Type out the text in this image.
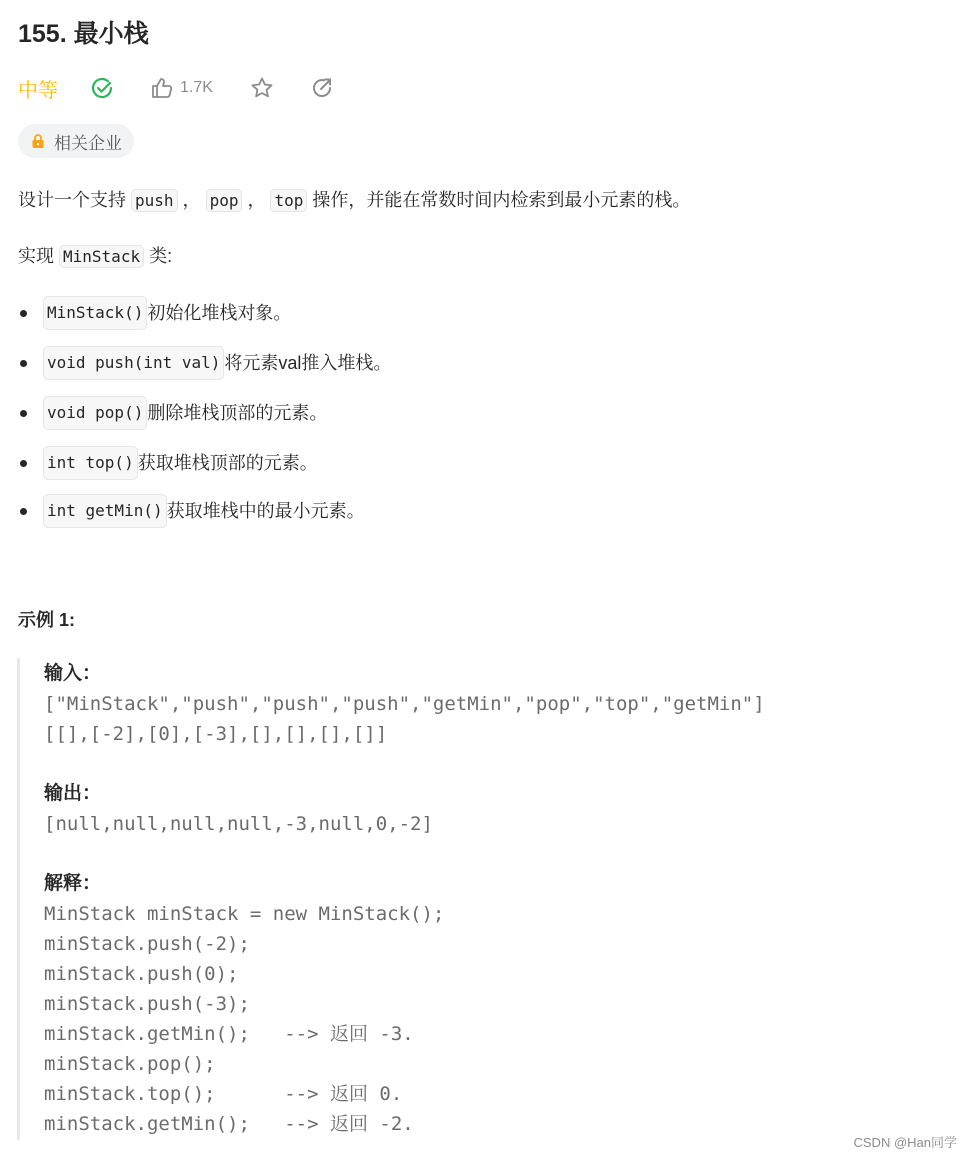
155. 最小栈
中等	1.7K
相关企业
设计一个支持 push ， pop ， top 操作，并能在常数时间内检索到最小元素的栈。
实现 MinStack 类:
MinStack() 初始化堆栈对象。
void push(int val) 将元素val推入堆栈。
void pop() 删除堆栈顶部的元素。
int top() 获取堆栈顶部的元素。
int getMin() 获取堆栈中的最小元素。
示例 1:
输入：
["MinStack","push","push","push","getMin","pop","top","getMin"]
[[],[-2],[0],[-3],[],[],[],[]]
输出：
[null,null,null,null,-3,null,0,-2]
解释：
MinStack minStack = new MinStack();
minStack.push(-2);
minStack.push(0);
minStack.push(-3);
minStack.getMin();   --> 返回 -3.
minStack.pop();
minStack.top();      --> 返回 0.
minStack.getMin();   --> 返回 -2.
CSDN @Han同学
